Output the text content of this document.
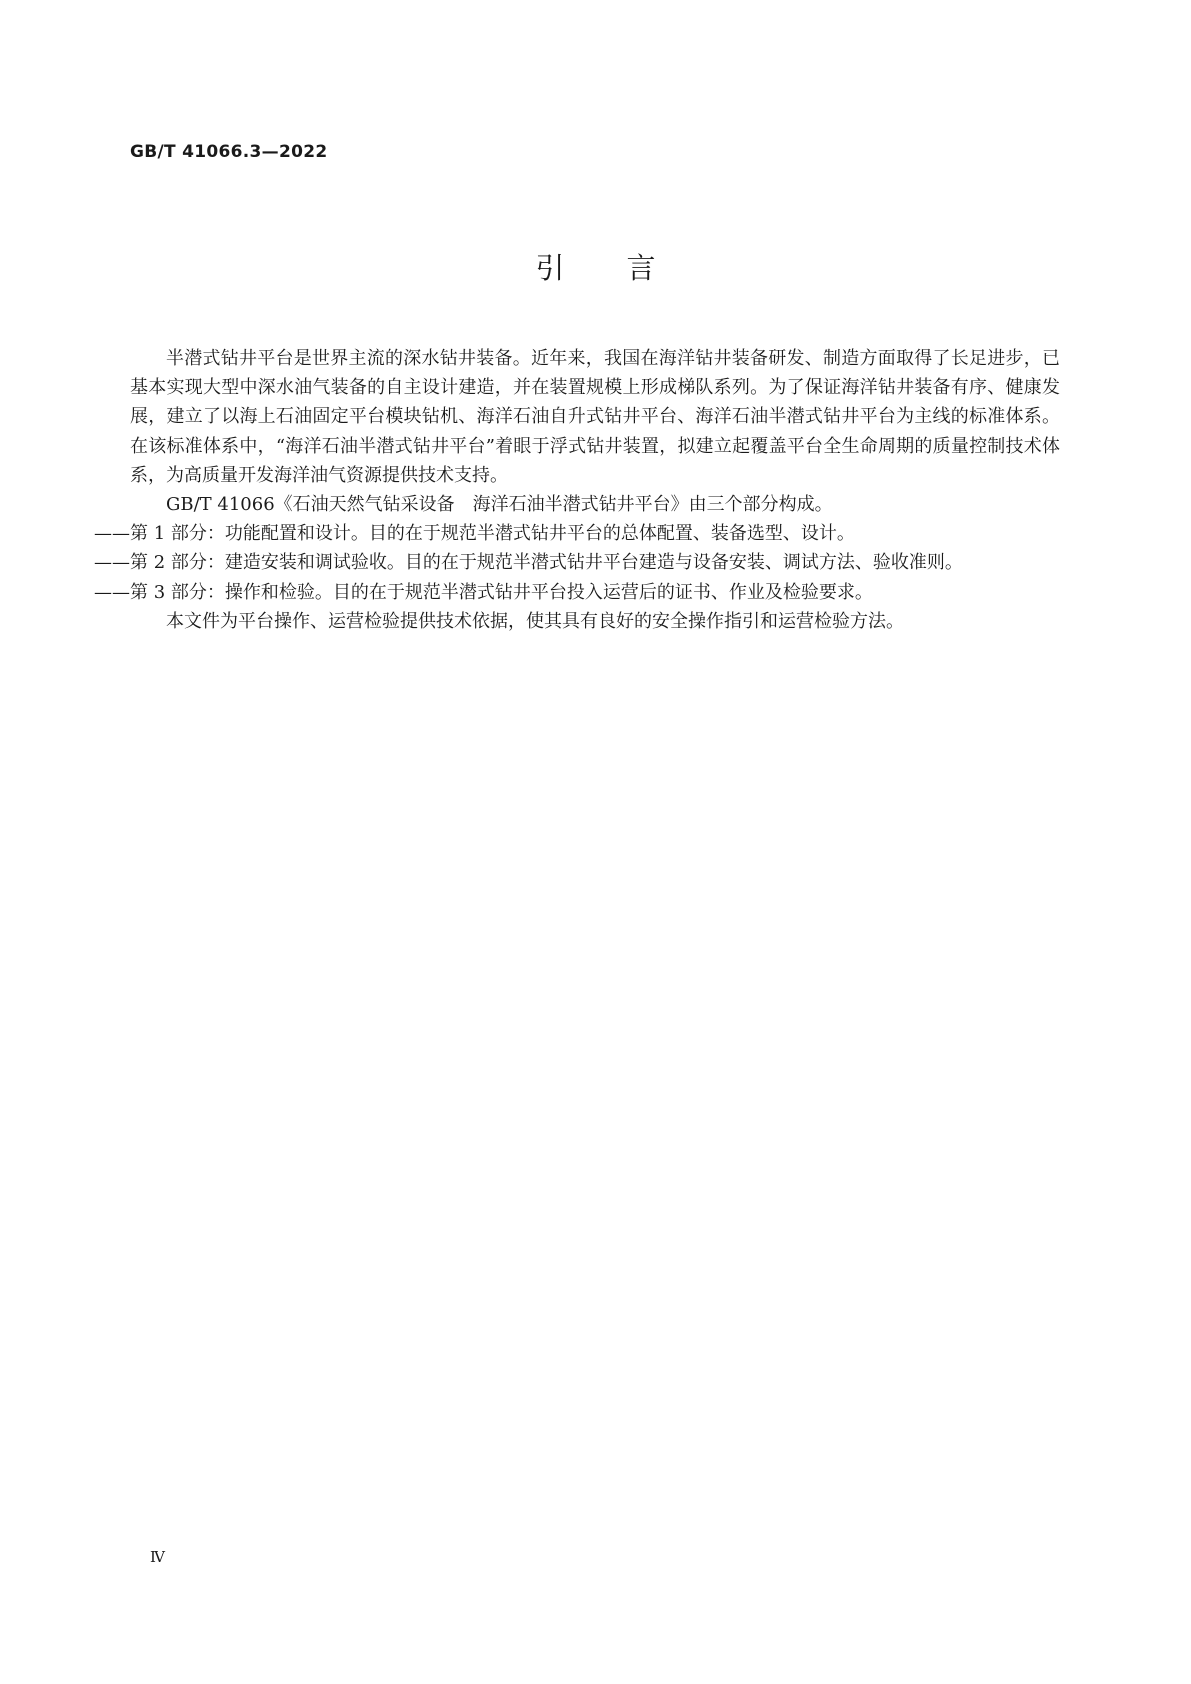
GB/T 41066.3—2022
引言

半潜式钻井平台是世界主流的深水钻井装备。近年来，我国在海洋钻井装备研发、制造方面取得了长足进步，已基本实现大型中深水油气装备的自主设计建造，并在装置规模上形成梯队系列。为了保证海洋钻井装备有序、健康发展，建立了以海上石油固定平台模块钻机、海洋石油自升式钻井平台、海洋石油半潜式钻井平台为主线的标准体系。在该标准体系中，“海洋石油半潜式钻井平台”着眼于浮式钻井装置，拟建立起覆盖平台全生命周期的质量控制技术体系，为高质量开发海洋油气资源提供技术支持。

GB/T 41066《石油天然气钻采设备　海洋石油半潜式钻井平台》由三个部分构成。

——第 1 部分：功能配置和设计。目的在于规范半潜式钻井平台的总体配置、装备选型、设计。

——第 2 部分：建造安装和调试验收。目的在于规范半潜式钻井平台建造与设备安装、调试方法、验收准则。

——第 3 部分：操作和检验。目的在于规范半潜式钻井平台投入运营后的证书、作业及检验要求。

本文件为平台操作、运营检验提供技术依据，使其具有良好的安全操作指引和运营检验方法。

Ⅳ
